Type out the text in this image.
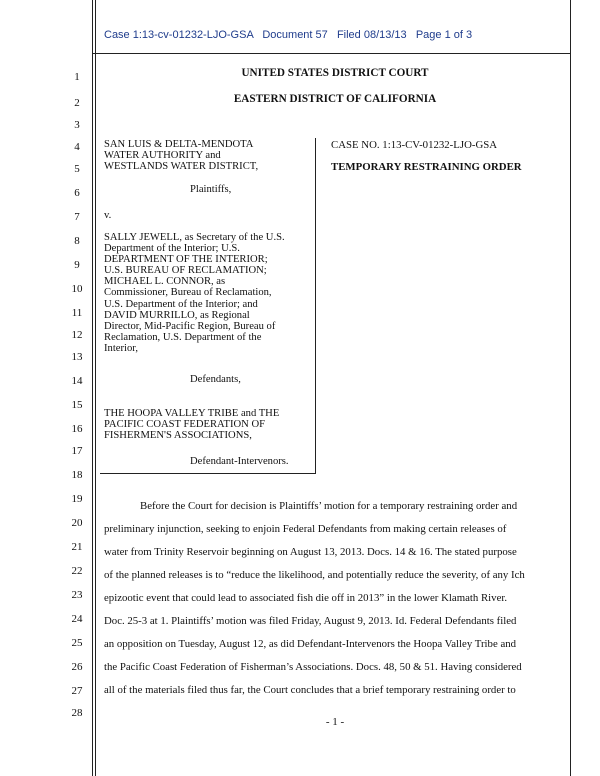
Case 1:13-cv-01232-LJO-GSA   Document 57   Filed 08/13/13   Page 1 of 3
1
2
3
4
5
6
7
8
9
10
11
12
13
14
15
16
17
18
19
20
21
22
23
24
25
26
27
28
UNITED STATES DISTRICT COURT
EASTERN DISTRICT OF CALIFORNIA
SAN LUIS & DELTA-MENDOTA
WATER AUTHORITY and
WESTLANDS WATER DISTRICT,
Plaintiffs,
v.
SALLY JEWELL, as Secretary of the U.S.
Department of the Interior; U.S.
DEPARTMENT OF THE INTERIOR;
U.S. BUREAU OF RECLAMATION;
MICHAEL L. CONNOR, as
Commissioner, Bureau of Reclamation,
U.S. Department of the Interior; and
DAVID MURRILLO, as Regional
Director, Mid-Pacific Region, Bureau of
Reclamation, U.S. Department of the
Interior,
Defendants,
THE HOOPA VALLEY TRIBE and THE
PACIFIC COAST FEDERATION OF
FISHERMEN'S ASSOCIATIONS,
Defendant-Intervenors.
CASE NO. 1:13-CV-01232-LJO-GSA
TEMPORARY RESTRAINING ORDER
Before the Court for decision is Plaintiffs’ motion for a temporary restraining order and
preliminary injunction, seeking to enjoin Federal Defendants from making certain releases of
water from Trinity Reservoir beginning on August 13, 2013. Docs. 14 & 16. The stated purpose
of the planned releases is to “reduce the likelihood, and potentially reduce the severity, of any Ich
epizootic event that could lead to associated fish die off in 2013” in the lower Klamath River.
Doc. 25-3 at 1. Plaintiffs’ motion was filed Friday, August 9, 2013. Id. Federal Defendants filed
an opposition on Tuesday, August 12, as did Defendant-Intervenors the Hoopa Valley Tribe and
the Pacific Coast Federation of Fisherman’s Associations. Docs. 48, 50 & 51. Having considered
all of the materials filed thus far, the Court concludes that a brief temporary restraining order to
- 1 -
